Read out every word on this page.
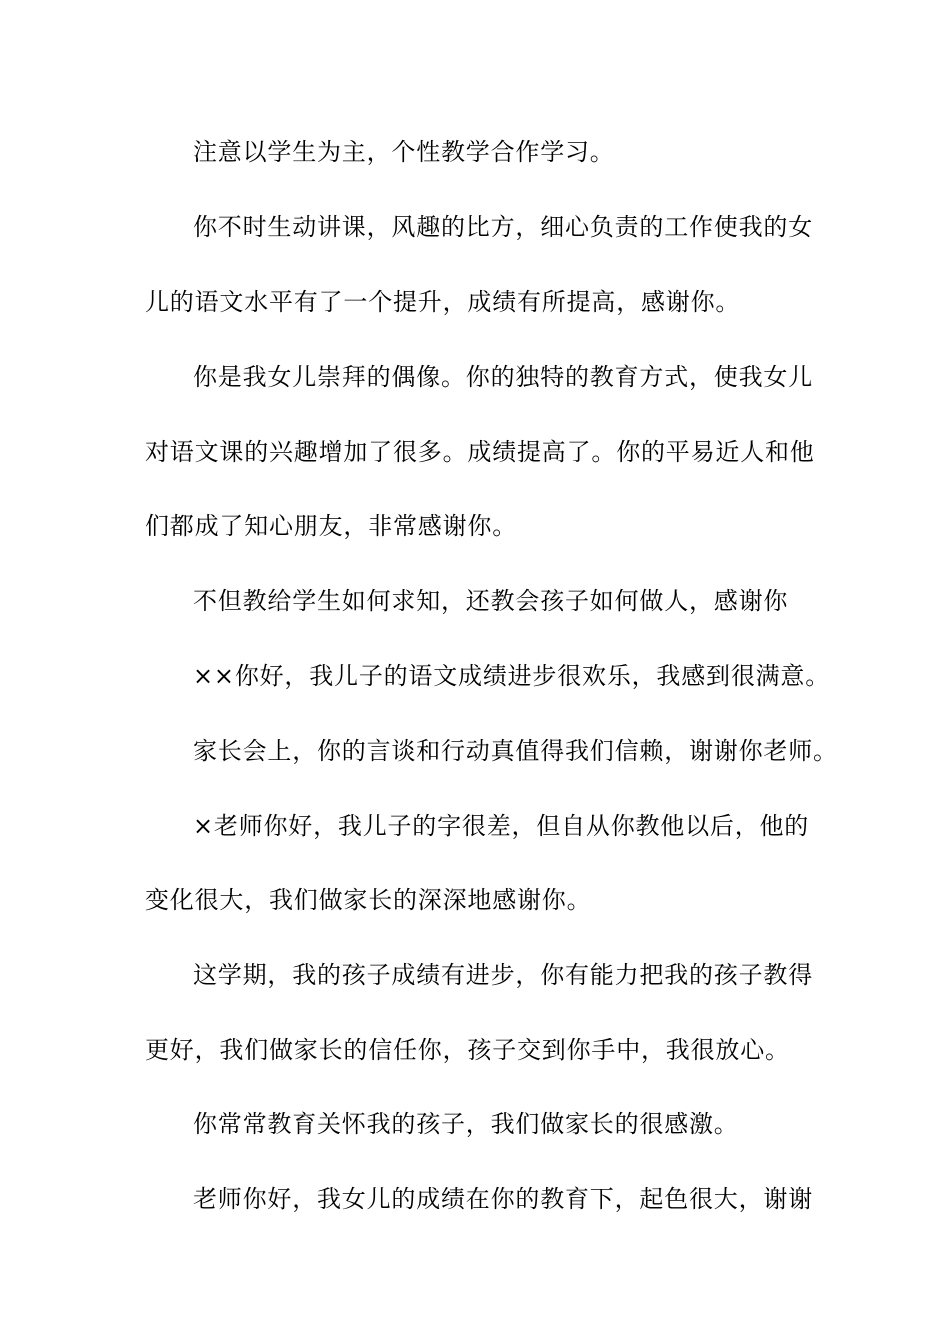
注意以学生为主，个性教学合作学习。
你不时生动讲课，风趣的比方，细心负责的工作使我的女
儿的语文水平有了一个提升，成绩有所提高，感谢你。
你是我女儿崇拜的偶像。你的独特的教育方式，使我女儿
对语文课的兴趣增加了很多。成绩提高了。你的平易近人和他
们都成了知心朋友，非常感谢你。
不但教给学生如何求知，还教会孩子如何做人，感谢你
××你好，我儿子的语文成绩进步很欢乐，我感到很满意。
家长会上，你的言谈和行动真值得我们信赖，谢谢你老师。
×老师你好，我儿子的字很差，但自从你教他以后，他的
变化很大，我们做家长的深深地感谢你。
这学期，我的孩子成绩有进步，你有能力把我的孩子教得
更好，我们做家长的信任你，孩子交到你手中，我很放心。
你常常教育关怀我的孩子，我们做家长的很感激。
老师你好，我女儿的成绩在你的教育下，起色很大，谢谢
